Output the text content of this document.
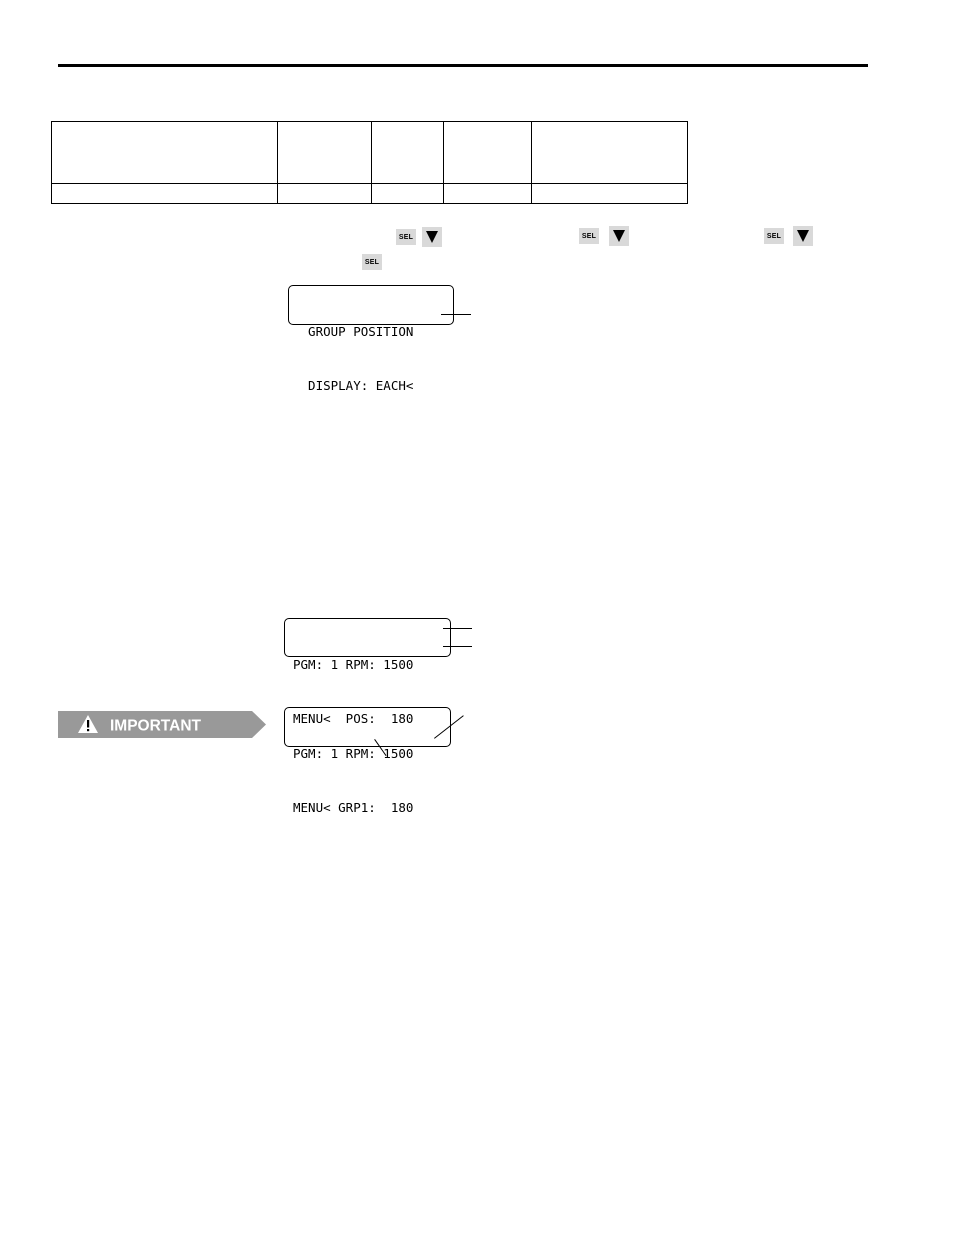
SEL	SEL	SEL
SEL

GROUP POSITION

DISPLAY: EACH<

PGM: 1 RPM: 1500

MENU<  POS:  180

IMPORTANT

PGM: 1 RPM: 1500

MENU< GRP1:  180
